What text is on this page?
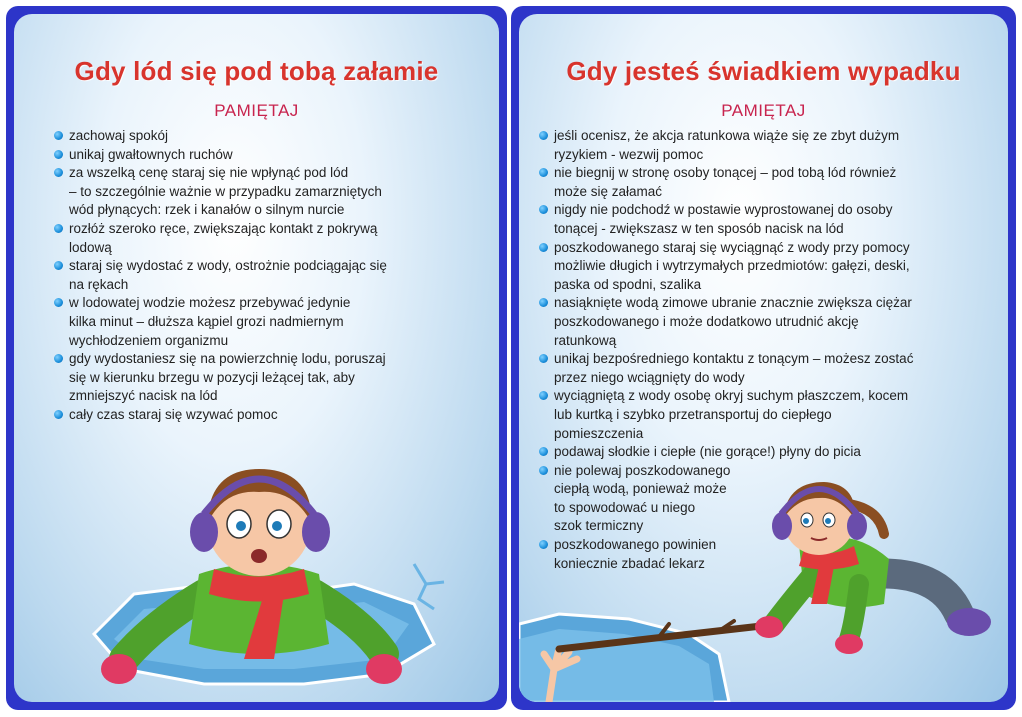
Gdy lód się pod tobą załamie
PAMIĘTAJ
zachowaj spokój
unikaj gwałtownych ruchów
za wszelką cenę staraj się nie wpłynąć pod lód
– to szczególnie ważnie w przypadku zamarzniętych
wód płynących: rzek i kanałów o silnym nurcie
rozłóż szeroko ręce, zwiększając kontakt z pokrywą
lodową
staraj się wydostać z wody, ostrożnie podciągając się
na rękach
w lodowatej wodzie możesz przebywać jedynie
kilka minut – dłuższa kąpiel grozi nadmiernym
wychłodzeniem organizmu
gdy wydostaniesz się na powierzchnię lodu, poruszaj
się w kierunku brzegu w pozycji leżącej tak, aby
zmniejszyć nacisk na lód
cały czas staraj się wzywać pomoc
Gdy jesteś świadkiem wypadku
PAMIĘTAJ
jeśli ocenisz, że akcja ratunkowa wiąże się ze zbyt dużym
ryzykiem - wezwij pomoc
nie biegnij w stronę osoby tonącej – pod tobą lód również
może się załamać
nigdy nie podchodź w postawie wyprostowanej do osoby
tonącej - zwiększasz w ten sposób nacisk na lód
poszkodowanego staraj się wyciągnąć z wody przy pomocy
możliwie długich i wytrzymałych przedmiotów: gałęzi, deski,
paska od spodni, szalika
nasiąknięte wodą zimowe ubranie znacznie zwiększa ciężar
poszkodowanego i może dodatkowo utrudnić akcję
ratunkową
unikaj bezpośredniego kontaktu z tonącym – możesz zostać
przez niego wciągnięty do wody
wyciągniętą z wody osobę okryj suchym płaszczem, kocem
lub kurtką i szybko przetransportuj do ciepłego
pomieszczenia
podawaj słodkie i ciepłe (nie gorące!) płyny do picia
nie polewaj poszkodowanego
ciepłą wodą, ponieważ może
to spowodować u niego
szok termiczny
poszkodowanego powinien
koniecznie zbadać lekarz
